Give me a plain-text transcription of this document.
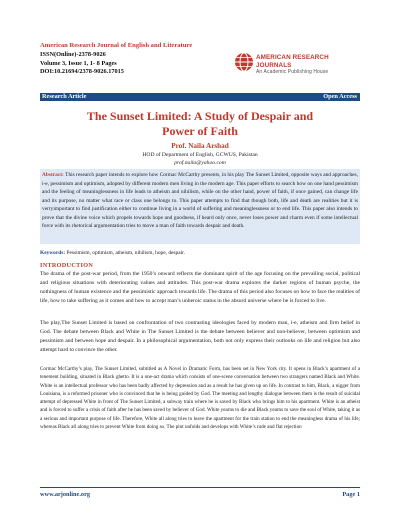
American Research Journal of English and Literature
ISSN(Online)-2378-9026
Volume 3, Issue 1, 1- 8 Pages
DOI:10.21694/2378-9026.17015
AMERICAN RESEARCH JOURNALS
An Academic Publishing House
Research Article	Open Access
The Sunset Limited: A Study of Despair and
Power of Faith
Prof. Naila Arshad
HOD of Department of English, GCWUS, Pakistan
prof.naila@yahoo.com

Abstract: This research paper intends to explore how Cormac McCarthy presents, in his play The Sunset Limited, opposite ways and approaches, i-e, pessimism and optimism, adopted by different modern men living in the modern age. This paper efforts to search how on one hand pessimism and the feeling of meaninglessness in life leads to atheism and nihilism, while on the other hand, power of faith, if once gained, can change life and its purpose, no matter what race or class one belongs to. This paper attempts to find that though both, life and death are realities but it is verryimportant to find justification either to continue living in a world of suffering and meaninglessness or to end life. This paper also intends to prove that the divine voice which propels towards hope and goodness, if heard only once, never loses power and charm even if some intellectual force with its rhetorical argumentation tries to move a man of faith towards despair and death.

Keywords: Pessimism, optimism, atheism, nihilism, hope, despair.
INTRODUCTION

The drama of the post-war period, from the 1950’s onward reflects the dominant spirit of the age focusing on the prevailing social, political and religious situations with deteriorating values and attitudes. This post-war drama explores the darker regions of human psyche, the nothingness of human existence and the pessimistic approach towards life. The drama of this period also focuses on how to face the realities of life, how to take suffering as it comes and how to accept man’s unheroic status in the absurd universe where he is forced to live.

The play,The Sunset Limited is based on confrontation of two contrasting ideologies faced by modern man, i-e, atheism and firm belief in God. The debate between Black and White in The Sunset Limited is the debate between believer and non-believer, between optimism and pessimism and between hope and despair. In a philosophical argumentation, both not only express their outlooks on life and religion but also attempt hard to convince the other.

Cormac McCarthy’s play, The Sunset Limited, subtitled as A Novel in Dramatic Form, has been set in New York city. It opens in Black’s apartment of a tenement building, situated in Black ghetto. It is a one-act drama which consists of one-scene conversation between two strangers named Black and White. White is an intellectual professor who has been badly affected by depression and as a result he has given up on life. In contrast to him, Black, a nigger from Louisiana, is a reformed prisoner who is convinced that he is being guided by God. The meeting and lengthy dialogue between them is the result of suicidal attempt of depressed White in front of The Sunset Limited, a subway train where he is saved by Black who brings him to his apartment. White is an atheist and is forced to suffer a crisis of faith after he has been saved by believer of God. White yearns to die and Black yearns to save the soul of White, taking it as a serious and important purpose of life. Therefore, White all along tries to leave the apartment for the train station to end the meaningless drama of his life; whereas Black all along tries to prevent White from doing so. The plot unfolds and develops with White’s rude and flat rejection

www.arjonline.org	Page 1
